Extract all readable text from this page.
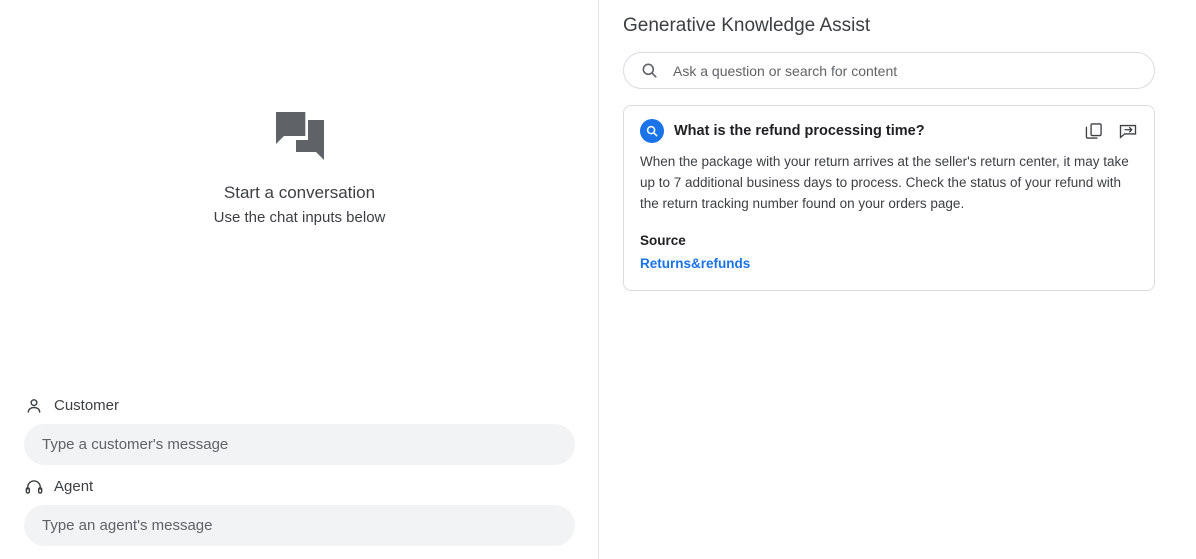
Start a conversation
Use the chat inputs below
Customer
Type a customer's message
Agent
Type an agent's message
Generative Knowledge Assist
Ask a question or search for content
What is the refund processing time?
When the package with your return arrives at the seller's return center, it may take up to 7 additional business days to process. Check the status of your refund with the return tracking number found on your orders page.
Source
Returns&refunds
